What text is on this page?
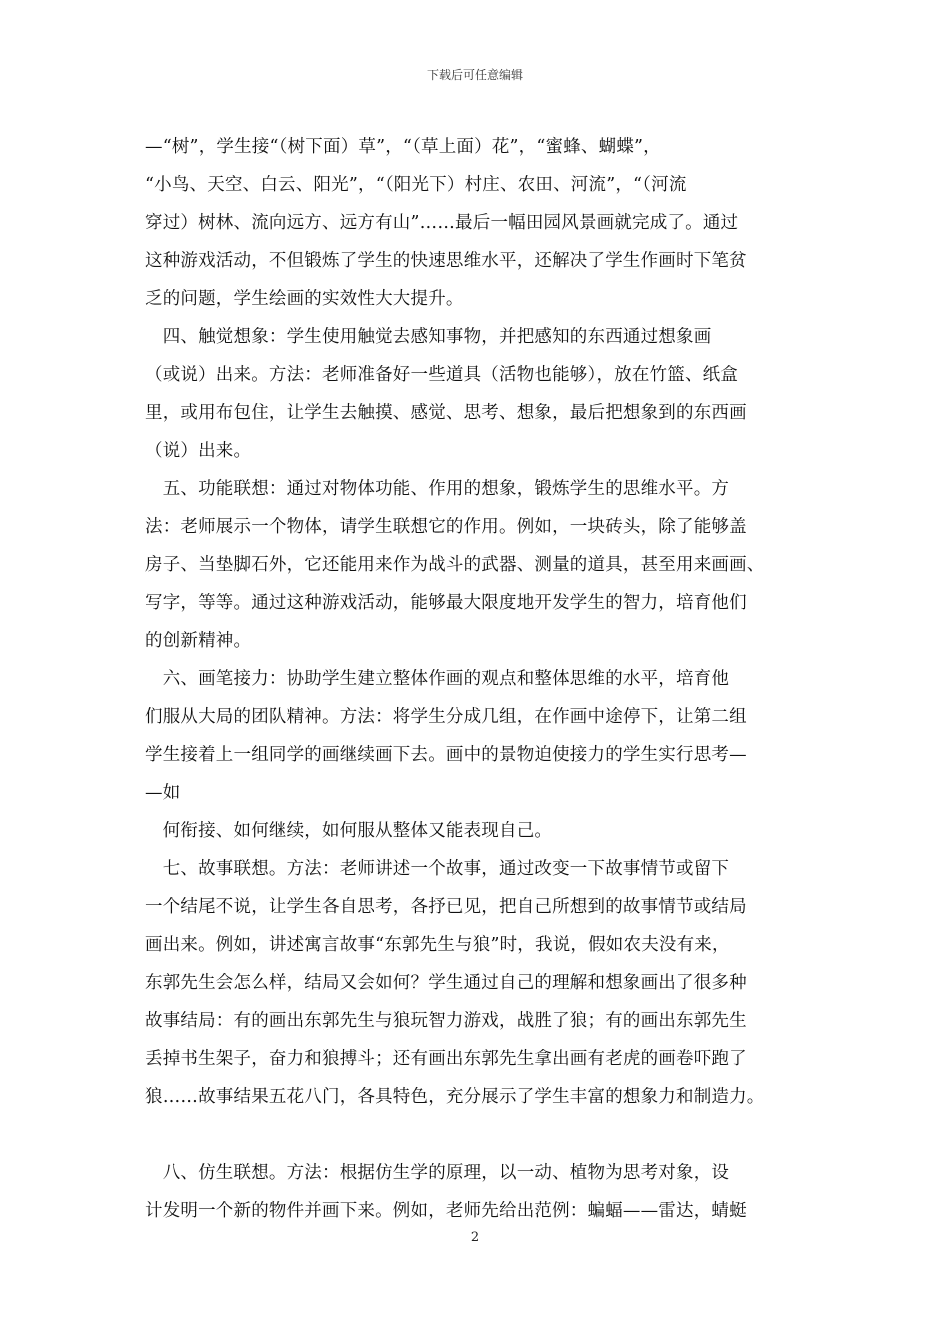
下载后可任意编辑
—“树”，学生接“（树下面）草”，“（草上面）花”，“蜜蜂、蝴蝶”，
“小鸟、天空、白云、阳光”，“（阳光下）村庄、农田、河流”，“（河流
穿过）树林、流向远方、远方有山”……最后一幅田园风景画就完成了。通过
这种游戏活动，不但锻炼了学生的快速思维水平，还解决了学生作画时下笔贫
乏的问题，学生绘画的实效性大大提升。
　四、触觉想象：学生使用触觉去感知事物，并把感知的东西通过想象画
（或说）出来。方法：老师准备好一些道具（活物也能够），放在竹篮、纸盒
里，或用布包住，让学生去触摸、感觉、思考、想象，最后把想象到的东西画
（说）出来。
　五、功能联想：通过对物体功能、作用的想象，锻炼学生的思维水平。方
法：老师展示一个物体，请学生联想它的作用。例如，一块砖头，除了能够盖
房子、当垫脚石外，它还能用来作为战斗的武器、测量的道具，甚至用来画画、
写字，等等。通过这种游戏活动，能够最大限度地开发学生的智力，培育他们
的创新精神。
　六、画笔接力：协助学生建立整体作画的观点和整体思维的水平，培育他
们服从大局的团队精神。方法：将学生分成几组，在作画中途停下，让第二组
学生接着上一组同学的画继续画下去。画中的景物迫使接力的学生实行思考—
—如
　何衔接、如何继续，如何服从整体又能表现自己。
　七、故事联想。方法：老师讲述一个故事，通过改变一下故事情节或留下
一个结尾不说，让学生各自思考，各抒已见，把自己所想到的故事情节或结局
画出来。例如，讲述寓言故事“东郭先生与狼”时，我说，假如农夫没有来，
东郭先生会怎么样，结局又会如何？学生通过自己的理解和想象画出了很多种
故事结局：有的画出东郭先生与狼玩智力游戏，战胜了狼；有的画出东郭先生
丢掉书生架子，奋力和狼搏斗；还有画出东郭先生拿出画有老虎的画卷吓跑了
狼……故事结果五花八门，各具特色，充分展示了学生丰富的想象力和制造力。
　八、仿生联想。方法：根据仿生学的原理，以一动、植物为思考对象，设
计发明一个新的物件并画下来。例如，老师先给出范例：蝙蝠——雷达，蜻蜓
2
